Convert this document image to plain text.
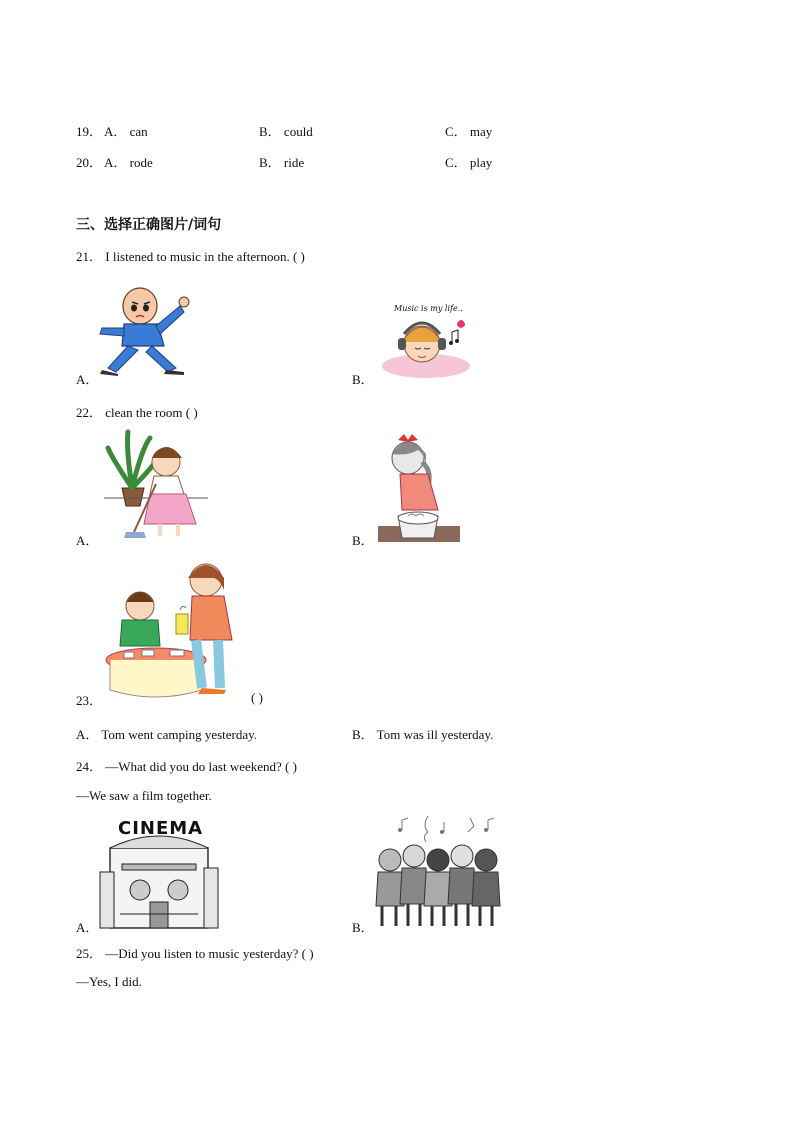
19． A． can	B． could	C． may
20． A． rode	B． ride	C． play
三、选择正确图片/词句
21． I listened to music in the afternoon. ( )
A．
Music is my life..
B．
22． clean the room ( )
A．	B．
23．	( )
A． Tom went camping yesterday.	B． Tom was ill yesterday.
24． —What did you do last weekend? ( )
—We saw a film together.
CINEMA
A．	B．
25． —Did you listen to music yesterday? ( )
—Yes, I did.
